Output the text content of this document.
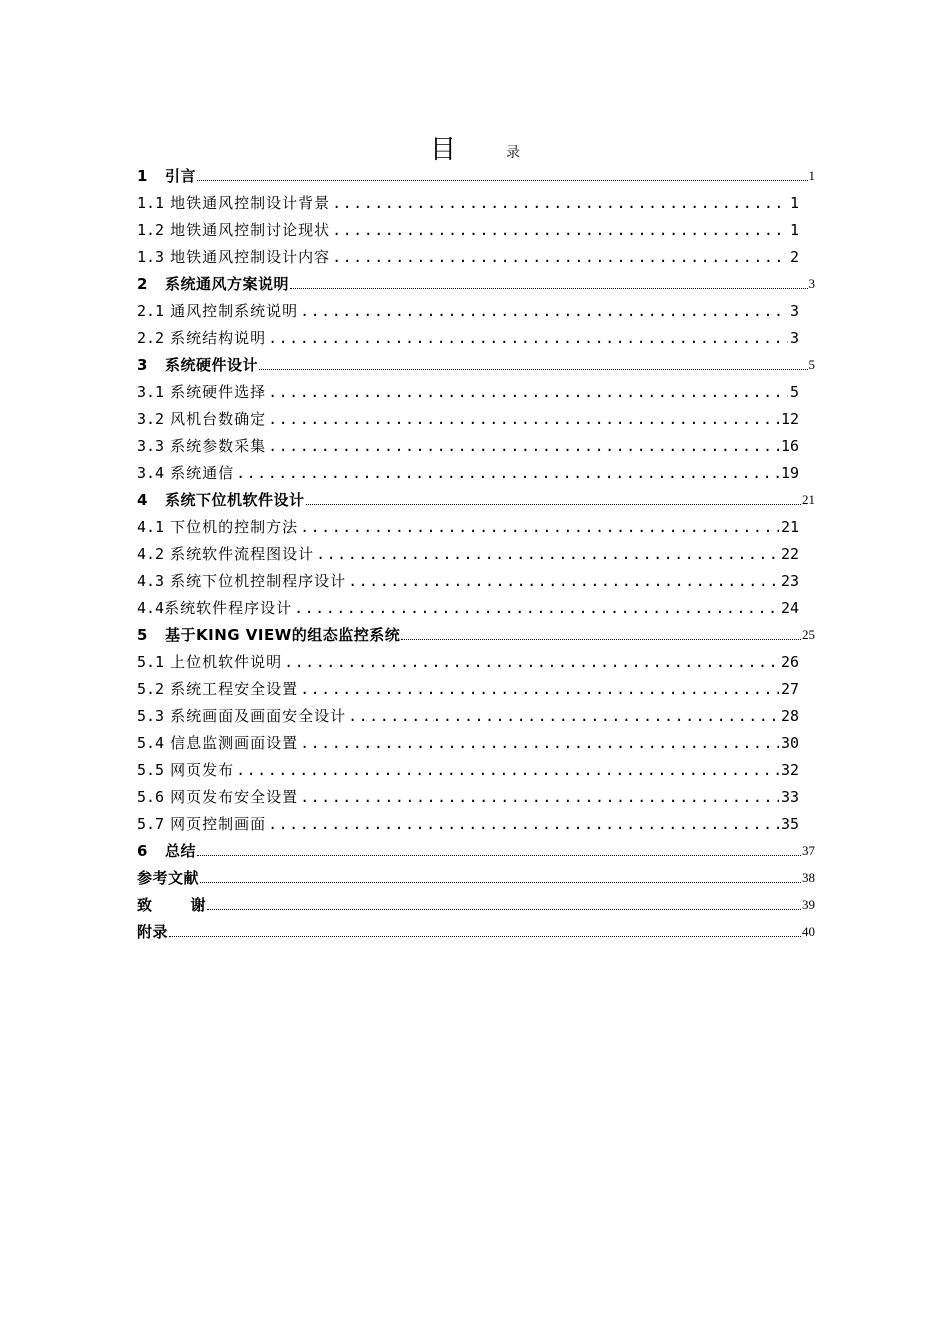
目	录
1	引言	1
1.1 地铁通风控制设计背景 .....	1
1.2 地铁通风控制讨论现状 .....	1
1.3 地铁通风控制设计内容 .....	2
2	系统通风方案说明	3
2.1 通风控制系统说明 .....	3
2.2 系统结构说明 .....	3
3	系统硬件设计	5
3.1 系统硬件选择 .....	5
3.2 风机台数确定 .....	12
3.3 系统参数采集 .....	16
3.4 系统通信 .....	19
4	系统下位机软件设计	21
4.1 下位机的控制方法 .....	21
4.2 系统软件流程图设计 .....	22
4.3 系统下位机控制程序设计 .....	23
4.4 系统软件程序设计 .....	24
5	基于KING VIEW的组态监控系统	25
5.1 上位机软件说明 .....	26
5.2 系统工程安全设置 .....	27
5.3 系统画面及画面安全设计 .....	28
5.4 信息监测画面设置 .....	30
5.5 网页发布 .....	32
5.6 网页发布安全设置 .....	33
5.7 网页控制画面 .....	35
6	总结	37
参考文献	38
致	谢	39
附录	40
